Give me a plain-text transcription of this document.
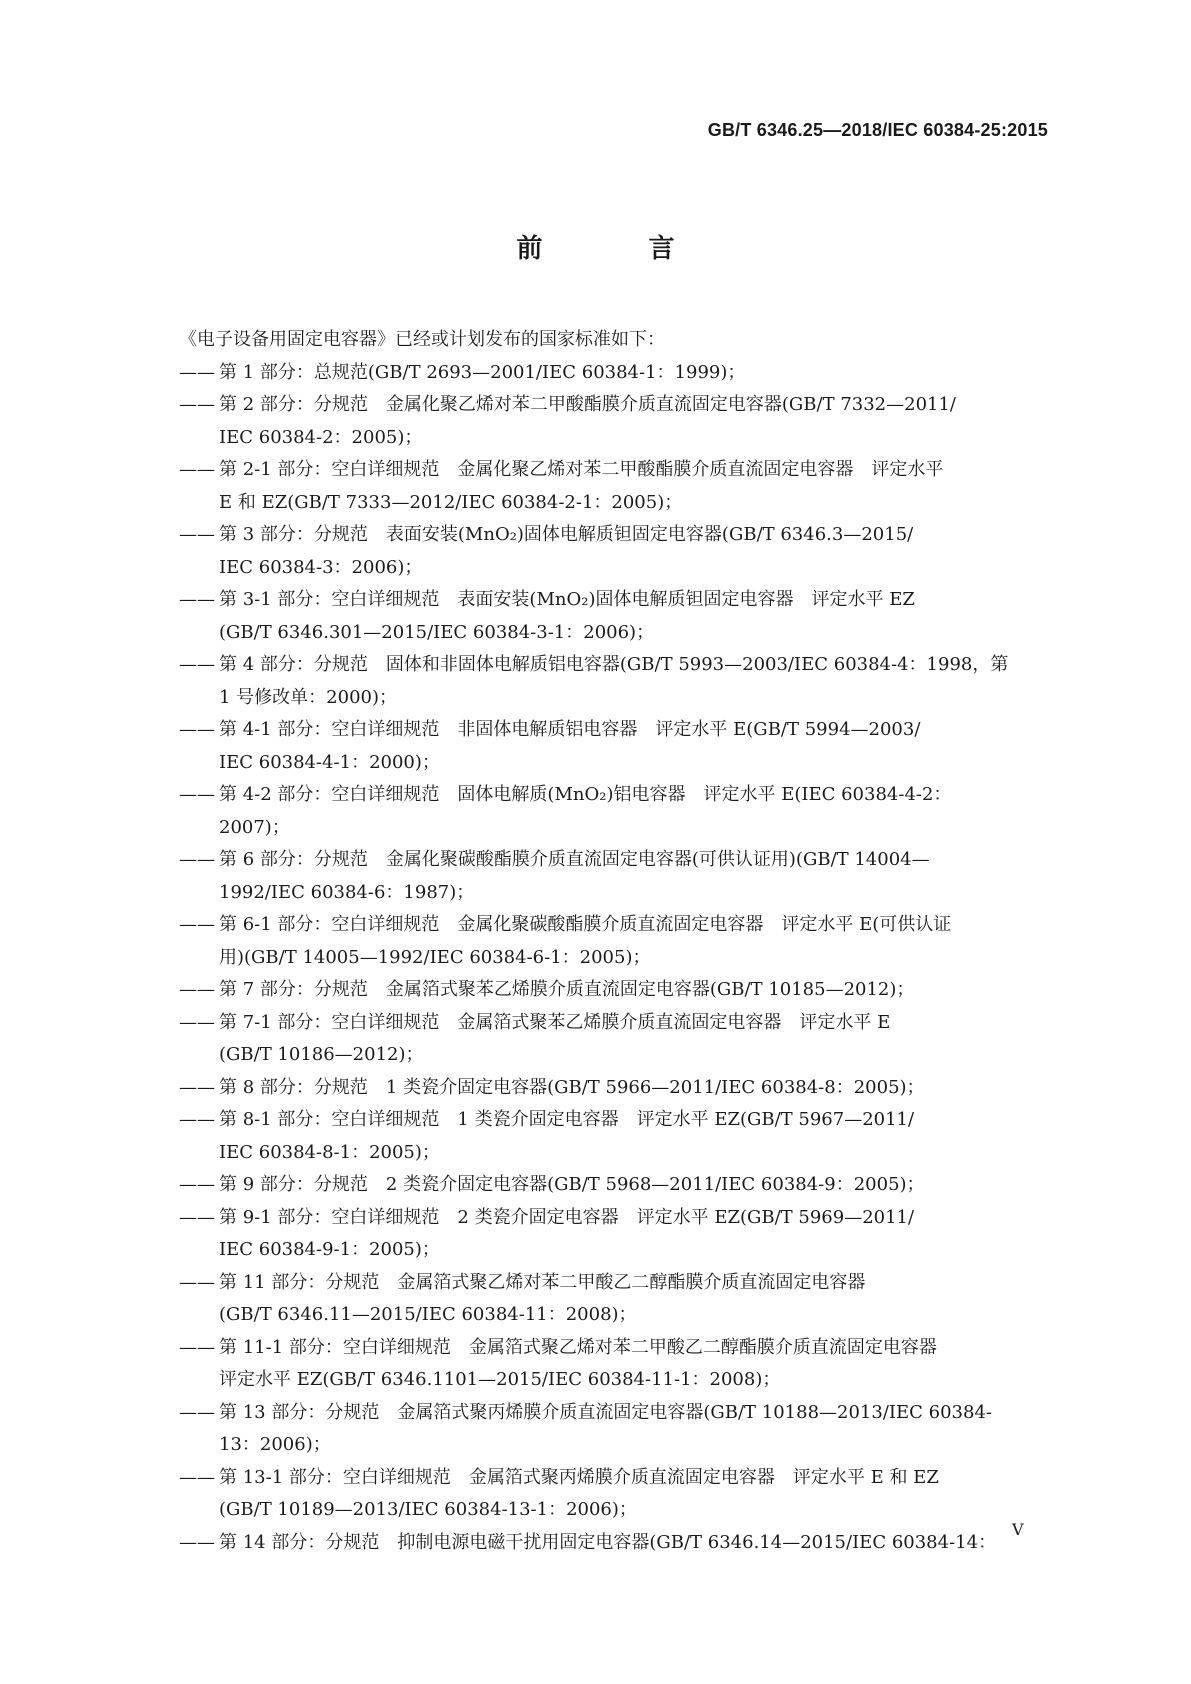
GB/T 6346.25—2018/IEC 60384-25:2015
前　言

《电子设备用固定电容器》已经或计划发布的国家标准如下：

—— 第 1 部分：总规范(GB/T 2693—2001/IEC 60384-1：1999)；
—— 第 2 部分：分规范　金属化聚乙烯对苯二甲酸酯膜介质直流固定电容器(GB/T 7332—2011/
IEC 60384-2：2005)；
—— 第 2-1 部分：空白详细规范　金属化聚乙烯对苯二甲酸酯膜介质直流固定电容器　评定水平
E 和 EZ(GB/T 7333—2012/IEC 60384-2-1：2005)；
—— 第 3 部分：分规范　表面安装(MnO₂)固体电解质钽固定电容器(GB/T 6346.3—2015/
IEC 60384-3：2006)；
—— 第 3-1 部分：空白详细规范　表面安装(MnO₂)固体电解质钽固定电容器　评定水平 EZ
(GB/T 6346.301—2015/IEC 60384-3-1：2006)；
—— 第 4 部分：分规范　固体和非固体电解质铝电容器(GB/T 5993—2003/IEC 60384-4：1998，第
1 号修改单：2000)；
—— 第 4-1 部分：空白详细规范　非固体电解质铝电容器　评定水平 E(GB/T 5994—2003/
IEC 60384-4-1：2000)；
—— 第 4-2 部分：空白详细规范　固体电解质(MnO₂)铝电容器　评定水平 E(IEC 60384-4-2：
2007)；
—— 第 6 部分：分规范　金属化聚碳酸酯膜介质直流固定电容器(可供认证用)(GB/T 14004—
1992/IEC 60384-6：1987)；
—— 第 6-1 部分：空白详细规范　金属化聚碳酸酯膜介质直流固定电容器　评定水平 E(可供认证
用)(GB/T 14005—1992/IEC 60384-6-1：2005)；
—— 第 7 部分：分规范　金属箔式聚苯乙烯膜介质直流固定电容器(GB/T 10185—2012)；
—— 第 7-1 部分：空白详细规范　金属箔式聚苯乙烯膜介质直流固定电容器　评定水平 E
(GB/T 10186—2012)；
—— 第 8 部分：分规范　1 类瓷介固定电容器(GB/T 5966—2011/IEC 60384-8：2005)；
—— 第 8-1 部分：空白详细规范　1 类瓷介固定电容器　评定水平 EZ(GB/T 5967—2011/
IEC 60384-8-1：2005)；
—— 第 9 部分：分规范　2 类瓷介固定电容器(GB/T 5968—2011/IEC 60384-9：2005)；
—— 第 9-1 部分：空白详细规范　2 类瓷介固定电容器　评定水平 EZ(GB/T 5969—2011/
IEC 60384-9-1：2005)；
—— 第 11 部分：分规范　金属箔式聚乙烯对苯二甲酸乙二醇酯膜介质直流固定电容器
(GB/T 6346.11—2015/IEC 60384-11：2008)；
—— 第 11-1 部分：空白详细规范　金属箔式聚乙烯对苯二甲酸乙二醇酯膜介质直流固定电容器
评定水平 EZ(GB/T 6346.1101—2015/IEC 60384-11-1：2008)；
—— 第 13 部分：分规范　金属箔式聚丙烯膜介质直流固定电容器(GB/T 10188—2013/IEC 60384-
13：2006)；
—— 第 13-1 部分：空白详细规范　金属箔式聚丙烯膜介质直流固定电容器　评定水平 E 和 EZ
(GB/T 10189—2013/IEC 60384-13-1：2006)；
—— 第 14 部分：分规范　抑制电源电磁干扰用固定电容器(GB/T 6346.14—2015/IEC 60384-14：
Ⅴ
